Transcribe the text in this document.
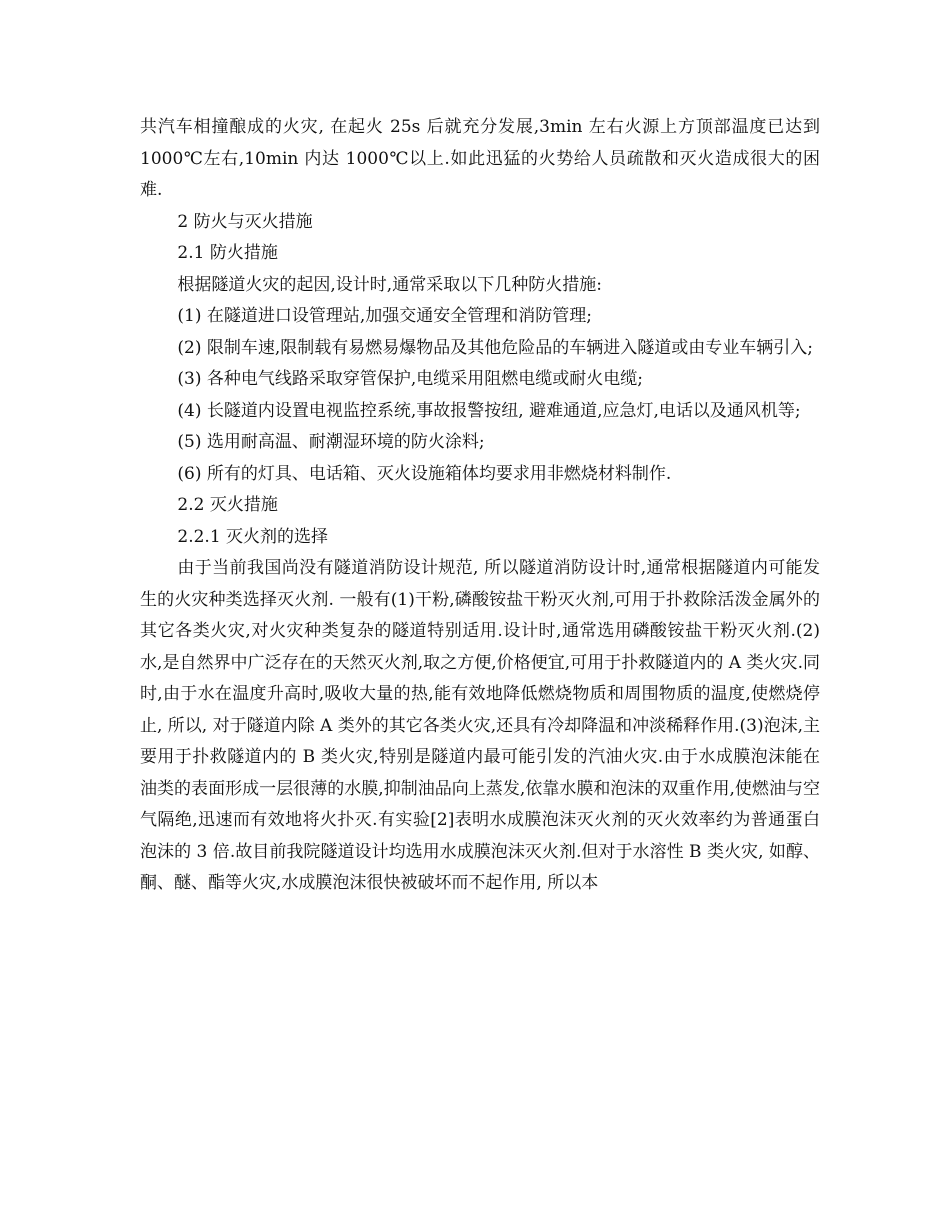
共汽车相撞酿成的火灾, 在起火 25s 后就充分发展,3min 左右火源上方顶部温度已达到 1000℃左右,10min 内达 1000℃以上.如此迅猛的火势给人员疏散和灭火造成很大的困难.

2 防火与灭火措施

2.1 防火措施

根据隧道火灾的起因,设计时,通常采取以下几种防火措施:

(1) 在隧道进口设管理站,加强交通安全管理和消防管理;

(2) 限制车速,限制载有易燃易爆物品及其他危险品的车辆进入隧道或由专业车辆引入;

(3) 各种电气线路采取穿管保护,电缆采用阻燃电缆或耐火电缆;

(4) 长隧道内设置电视监控系统,事故报警按纽, 避难通道,应急灯,电话以及通风机等;

(5) 选用耐高温、耐潮湿环境的防火涂料;

(6) 所有的灯具、电话箱、灭火设施箱体均要求用非燃烧材料制作.

2.2 灭火措施

2.2.1 灭火剂的选择

由于当前我国尚没有隧道消防设计规范, 所以隧道消防设计时,通常根据隧道内可能发生的火灾种类选择灭火剂. 一般有(1)干粉,磷酸铵盐干粉灭火剂,可用于扑救除活泼金属外的其它各类火灾,对火灾种类复杂的隧道特别适用.设计时,通常选用磷酸铵盐干粉灭火剂.(2)水,是自然界中广泛存在的天然灭火剂,取之方便,价格便宜,可用于扑救隧道内的 A 类火灾.同时,由于水在温度升高时,吸收大量的热,能有效地降低燃烧物质和周围物质的温度,使燃烧停止, 所以, 对于隧道内除 A 类外的其它各类火灾,还具有冷却降温和冲淡稀释作用.(3)泡沫,主要用于扑救隧道内的 B 类火灾,特别是隧道内最可能引发的汽油火灾.由于水成膜泡沫能在油类的表面形成一层很薄的水膜,抑制油品向上蒸发,依靠水膜和泡沫的双重作用,使燃油与空气隔绝,迅速而有效地将火扑灭.有实验[2]表明水成膜泡沫灭火剂的灭火效率约为普通蛋白泡沫的 3 倍.故目前我院隧道设计均选用水成膜泡沫灭火剂.但对于水溶性 B 类火灾, 如醇、酮、醚、酯等火灾,水成膜泡沫很快被破坏而不起作用, 所以本
